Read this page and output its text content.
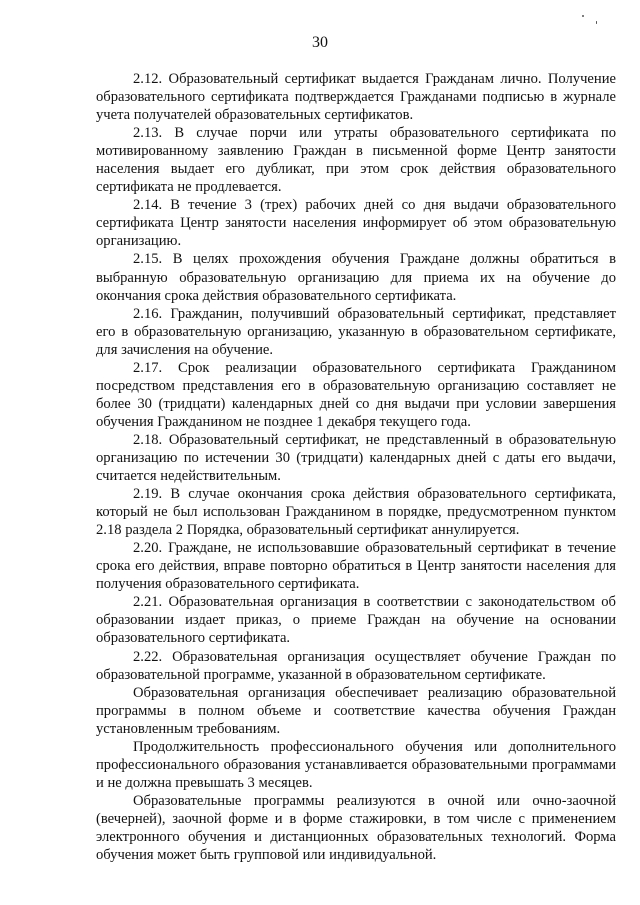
30

2.12. Образовательный сертификат выдается Гражданам лично. Получение образовательного сертификата подтверждается Гражданами подписью в журнале учета получателей образовательных сертификатов.

2.13. В случае порчи или утраты образовательного сертификата по мотивированному заявлению Граждан в письменной форме Центр занятости населения выдает его дубликат, при этом срок действия образовательного сертификата не продлевается.

2.14. В течение 3 (трех) рабочих дней со дня выдачи образовательного сертификата Центр занятости населения информирует об этом образовательную организацию.

2.15. В целях прохождения обучения Граждане должны обратиться в выбранную образовательную организацию для приема их на обучение до окончания срока действия образовательного сертификата.

2.16. Гражданин, получивший образовательный сертификат, представляет его в образовательную организацию, указанную в образовательном сертификате, для зачисления на обучение.

2.17. Срок реализации образовательного сертификата Гражданином посредством представления его в образовательную организацию составляет не более 30 (тридцати) календарных дней со дня выдачи при условии завершения обучения Гражданином не позднее 1 декабря текущего года.

2.18. Образовательный сертификат, не представленный в образовательную организацию по истечении 30 (тридцати) календарных дней с даты его выдачи, считается недействительным.

2.19. В случае окончания срока действия образовательного сертификата, который не был использован Гражданином в порядке, предусмотренном пунктом 2.18 раздела 2 Порядка, образовательный сертификат аннулируется.

2.20. Граждане, не использовавшие образовательный сертификат в течение срока его действия, вправе повторно обратиться в Центр занятости населения для получения образовательного сертификата.

2.21. Образовательная организация в соответствии с законодательством об образовании издает приказ, о приеме Граждан на обучение на основании образовательного сертификата.

2.22. Образовательная организация осуществляет обучение Граждан по образовательной программе, указанной в образовательном сертификате.

Образовательная организация обеспечивает реализацию образовательной программы в полном объеме и соответствие качества обучения Граждан установленным требованиям.

Продолжительность профессионального обучения или дополнительного профессионального образования устанавливается образовательными программами и не должна превышать 3 месяцев.

Образовательные программы реализуются в очной или очно-заочной (вечерней), заочной форме и в форме стажировки, в том числе с применением электронного обучения и дистанционных образовательных технологий. Форма обучения может быть групповой или индивидуальной.
